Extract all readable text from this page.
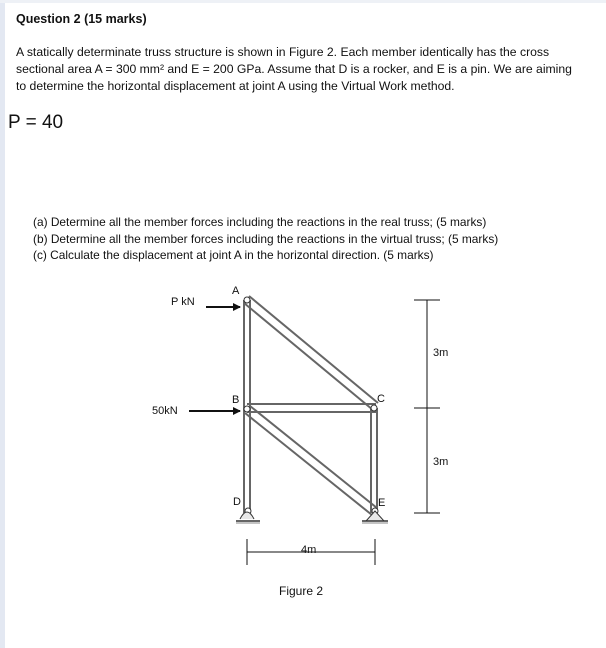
Question 2 (15 marks)
A statically determinate truss structure is shown in Figure 2. Each member identically has the cross
sectional area A = 300 mm² and E = 200 GPa. Assume that D is a rocker, and E is a pin. We are aiming
to determine the horizontal displacement at joint A using the Virtual Work method.
P = 40
(a) Determine all the member forces including the reactions in the real truss; (5 marks)
(b) Determine all the member forces including the reactions in the virtual truss; (5 marks)
(c) Calculate the displacement at joint A in the horizontal direction. (5 marks)
A
B	C
D	E
P kN
50kN
3m
3m
4m
Figure 2
